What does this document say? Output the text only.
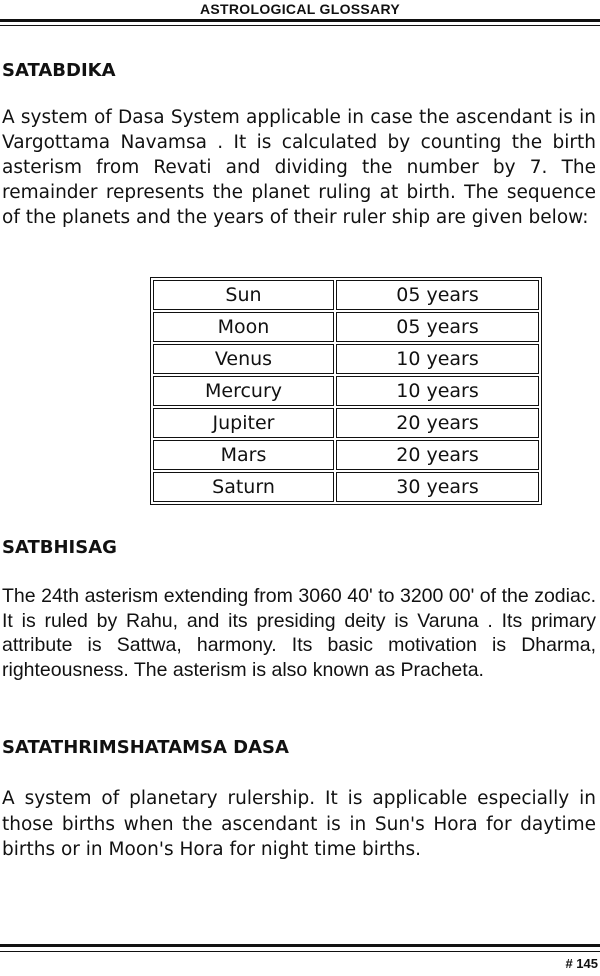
ASTROLOGICAL GLOSSARY
SATABDIKA

A system of Dasa System applicable in case the ascendant is in Vargottama Navamsa . It is calculated by counting the birth asterism from Revati and dividing the number by 7. The remainder represents the planet ruling at birth. The sequence of the planets and the years of their ruler ship are given below:

Sun	05 years
Moon	05 years
Venus	10 years
Mercury	10 years
Jupiter	20 years
Mars	20 years
Saturn	30 years
SATBHISAG

The 24th asterism extending from 3060 40' to 3200 00' of the zodiac. It is ruled by Rahu, and its presiding deity is Varuna . Its primary attribute is Sattwa, harmony. Its basic motivation is Dharma, righteousness. The asterism is also known as Pracheta.

SATATHRIMSHATAMSA DASA

A system of planetary rulership. It is applicable especially in those births when the ascendant is in Sun's Hora for daytime births or in Moon's Hora for night time births.

# 145
